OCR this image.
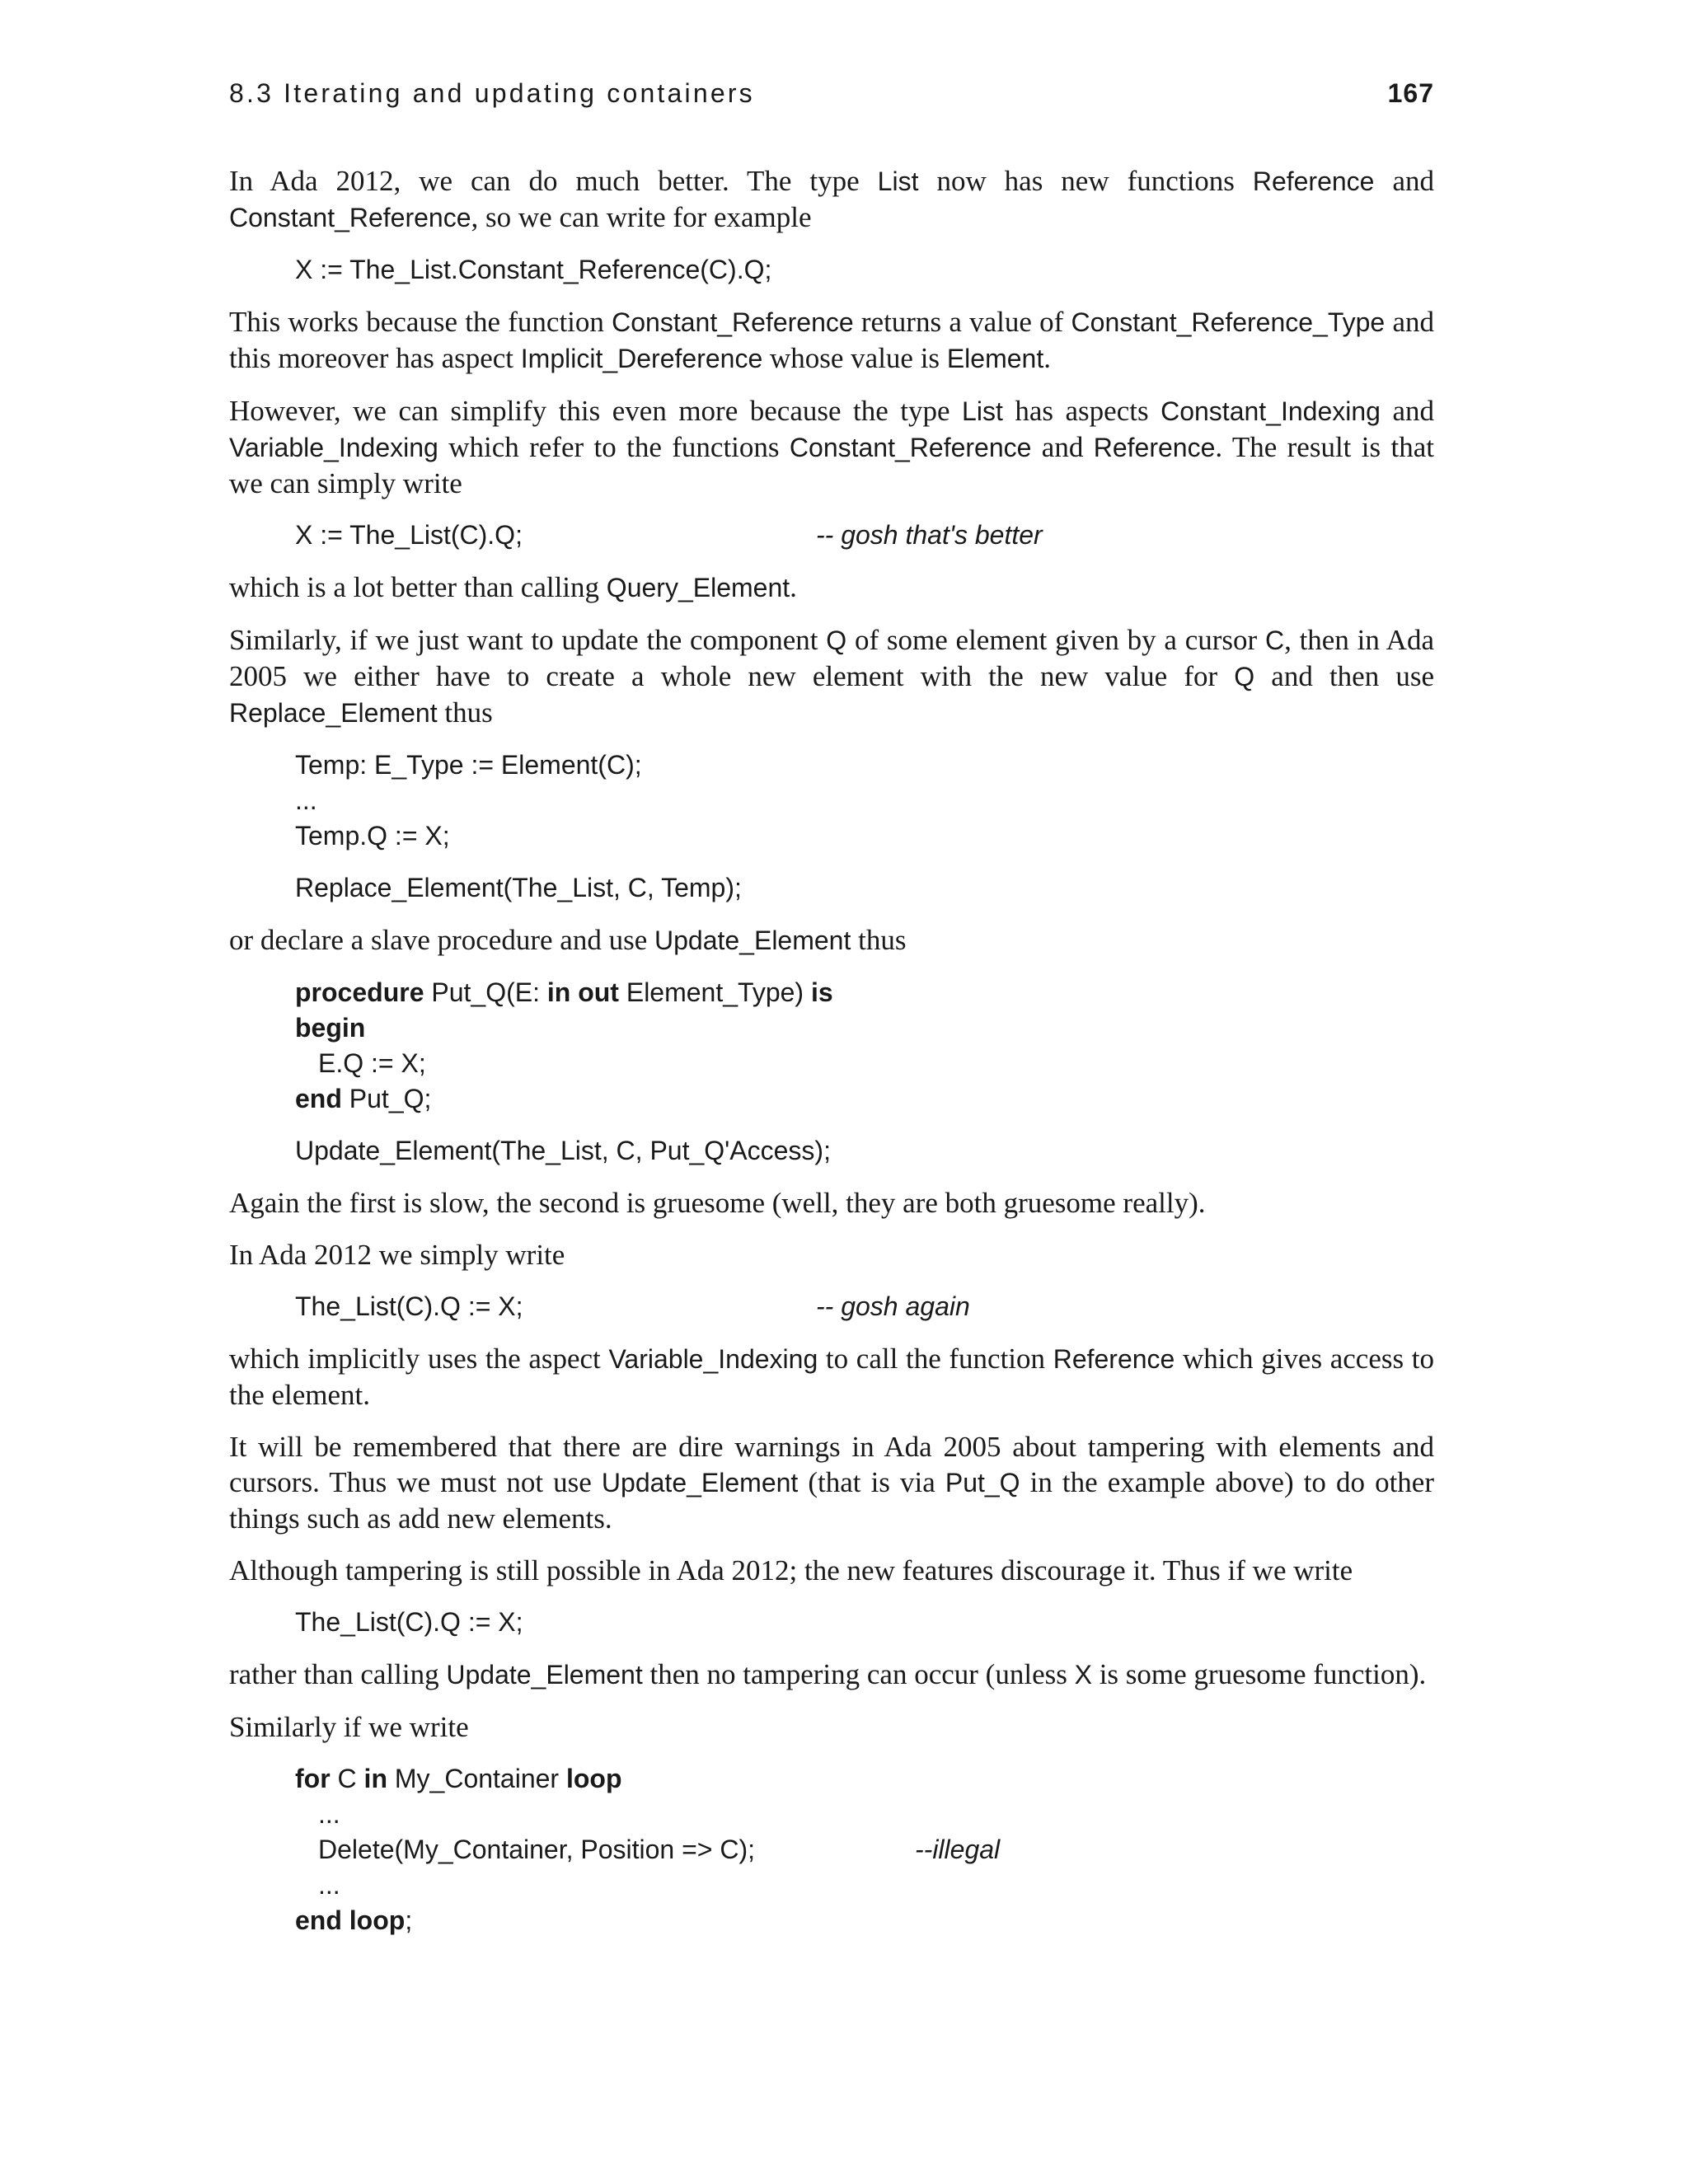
8.3 Iterating and updating containers	167

In Ada 2012, we can do much better. The type List now has new functions Reference and Constant_Reference, so we can write for example

X := The_List.Constant_Reference(C).Q;

This works because the function Constant_Reference returns a value of Constant_Reference_Type and this moreover has aspect Implicit_Dereference whose value is Element.

However, we can simplify this even more because the type List has aspects Constant_Indexing and Variable_Indexing which refer to the functions Constant_Reference and Reference. The result is that we can simply write

X := The_List(C).Q;	-- gosh that's better

which is a lot better than calling Query_Element.

Similarly, if we just want to update the component Q of some element given by a cursor C, then in Ada 2005 we either have to create a whole new element with the new value for Q and then use Replace_Element thus

Temp: E_Type := Element(C);
...
Temp.Q := X;
Replace_Element(The_List, C, Temp);

or declare a slave procedure and use Update_Element thus

procedure Put_Q(E: in out Element_Type) is
begin
E.Q := X;
end Put_Q;
Update_Element(The_List, C, Put_Q'Access);

Again the first is slow, the second is gruesome (well, they are both gruesome really).

In Ada 2012 we simply write

The_List(C).Q := X;	-- gosh again

which implicitly uses the aspect Variable_Indexing to call the function Reference which gives access to the element.

It will be remembered that there are dire warnings in Ada 2005 about tampering with elements and cursors. Thus we must not use Update_Element (that is via Put_Q in the example above) to do other things such as add new elements.

Although tampering is still possible in Ada 2012; the new features discourage it. Thus if we write

The_List(C).Q := X;

rather than calling Update_Element then no tampering can occur (unless X is some gruesome function).

Similarly if we write

for C in My_Container loop
...
Delete(My_Container, Position => C);	--illegal
...
end loop;
